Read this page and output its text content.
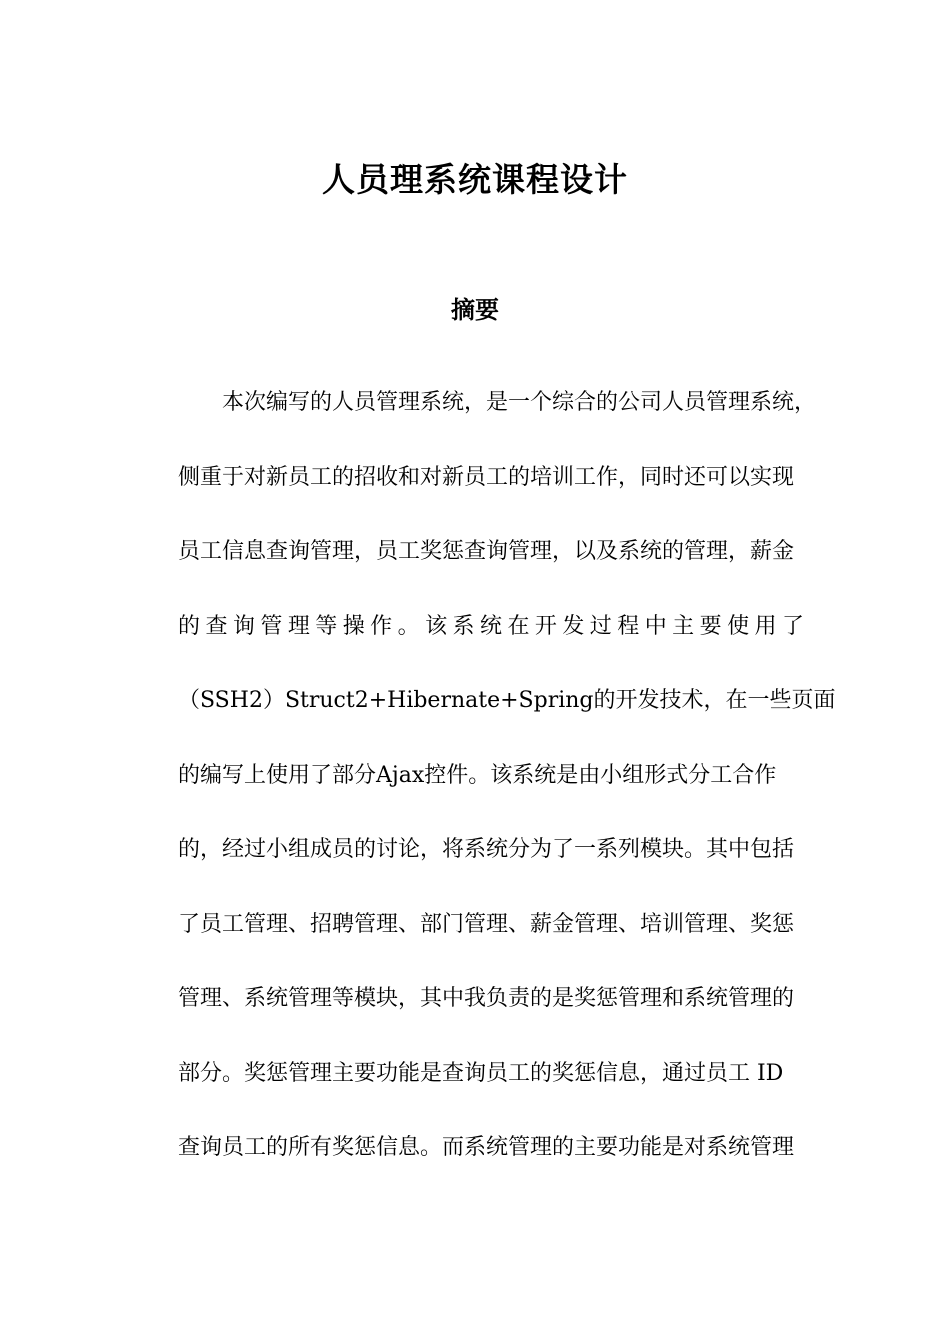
人员理系统课程设计
摘要
本次编写的人员管理系统，是一个综合的公司人员管理系统，
侧重于对新员工的招收和对新员工的培训工作，同时还可以实现
员工信息查询管理，员工奖惩查询管理，以及系统的管理，薪金
的查询管理等操作。该系统在开发过程中主要使用了
（SSH2）Struct2+Hibernate+Spring的开发技术，在一些页面
的编写上使用了部分Ajax控件。该系统是由小组形式分工合作
的，经过小组成员的讨论，将系统分为了一系列模块。其中包括
了员工管理、招聘管理、部门管理、薪金管理、培训管理、奖惩
管理、系统管理等模块，其中我负责的是奖惩管理和系统管理的
部分。奖惩管理主要功能是查询员工的奖惩信息，通过员工 ID
查询员工的所有奖惩信息。而系统管理的主要功能是对系统管理
